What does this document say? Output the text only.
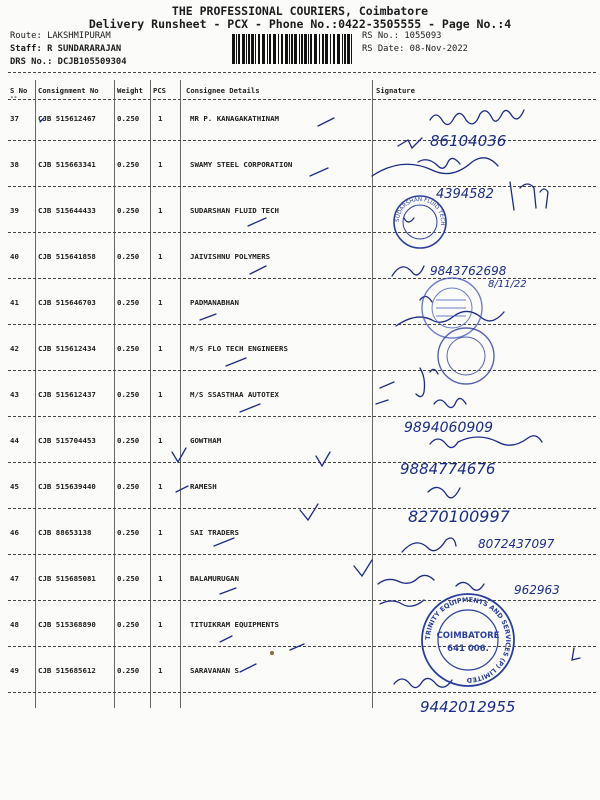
THE PROFESSIONAL COURIERS, Coimbatore
Delivery Runsheet - PCX - Phone No.:0422-3505555 - Page No.:4
Route: LAKSHMIPURAM
Staff: R SUNDARARAJAN
DRS No.: DCJB105509304
RS No.: 1055093
RS Date: 08-Nov-2022
S No Consignment No	Weight PCS	Consignee Details	Signature
--
37	CJB 515612467	0.250	1	MR P. KANAGAKATHINAM
38	CJB 515663341	0.250	1	SWAMY STEEL CORPORATION
39	CJB 515644433	0.250	1	SUDARSHAN FLUID TECH
40	CJB 515641858	0.250	1	JAIVISHNU POLYMERS
41	CJB 515646703	0.250	1	PADMANABHAN
42	CJB 515612434	0.250	1	M/S FLO TECH ENGINEERS
43	CJB 515612437	0.250	1	M/S SSASTHAA AUTOTEX
44	CJB 515704453	0.250	1	GOWTHAM
45	CJB 515639440	0.250	1	RAMESH
46	CJB 88653138	0.250	1	SAI TRADERS
47	CJB 515685081	0.250	1	BALAMURUGAN
48	CJB 515368890	0.250	1	TITUIKRAM EQUIPMENTS
49	CJB 515685612	0.250	1	SARAVANAN S
86104036
4394582
9843762698
8/11/22
9894060909
9884774676
8270100997
8072437097
962963
9442012955
SUDARSHAN FLUID TECH
TRINITY EQUIPMENTS AND SERVICES (P) LIMITED
COIMBATORE
641 006.
